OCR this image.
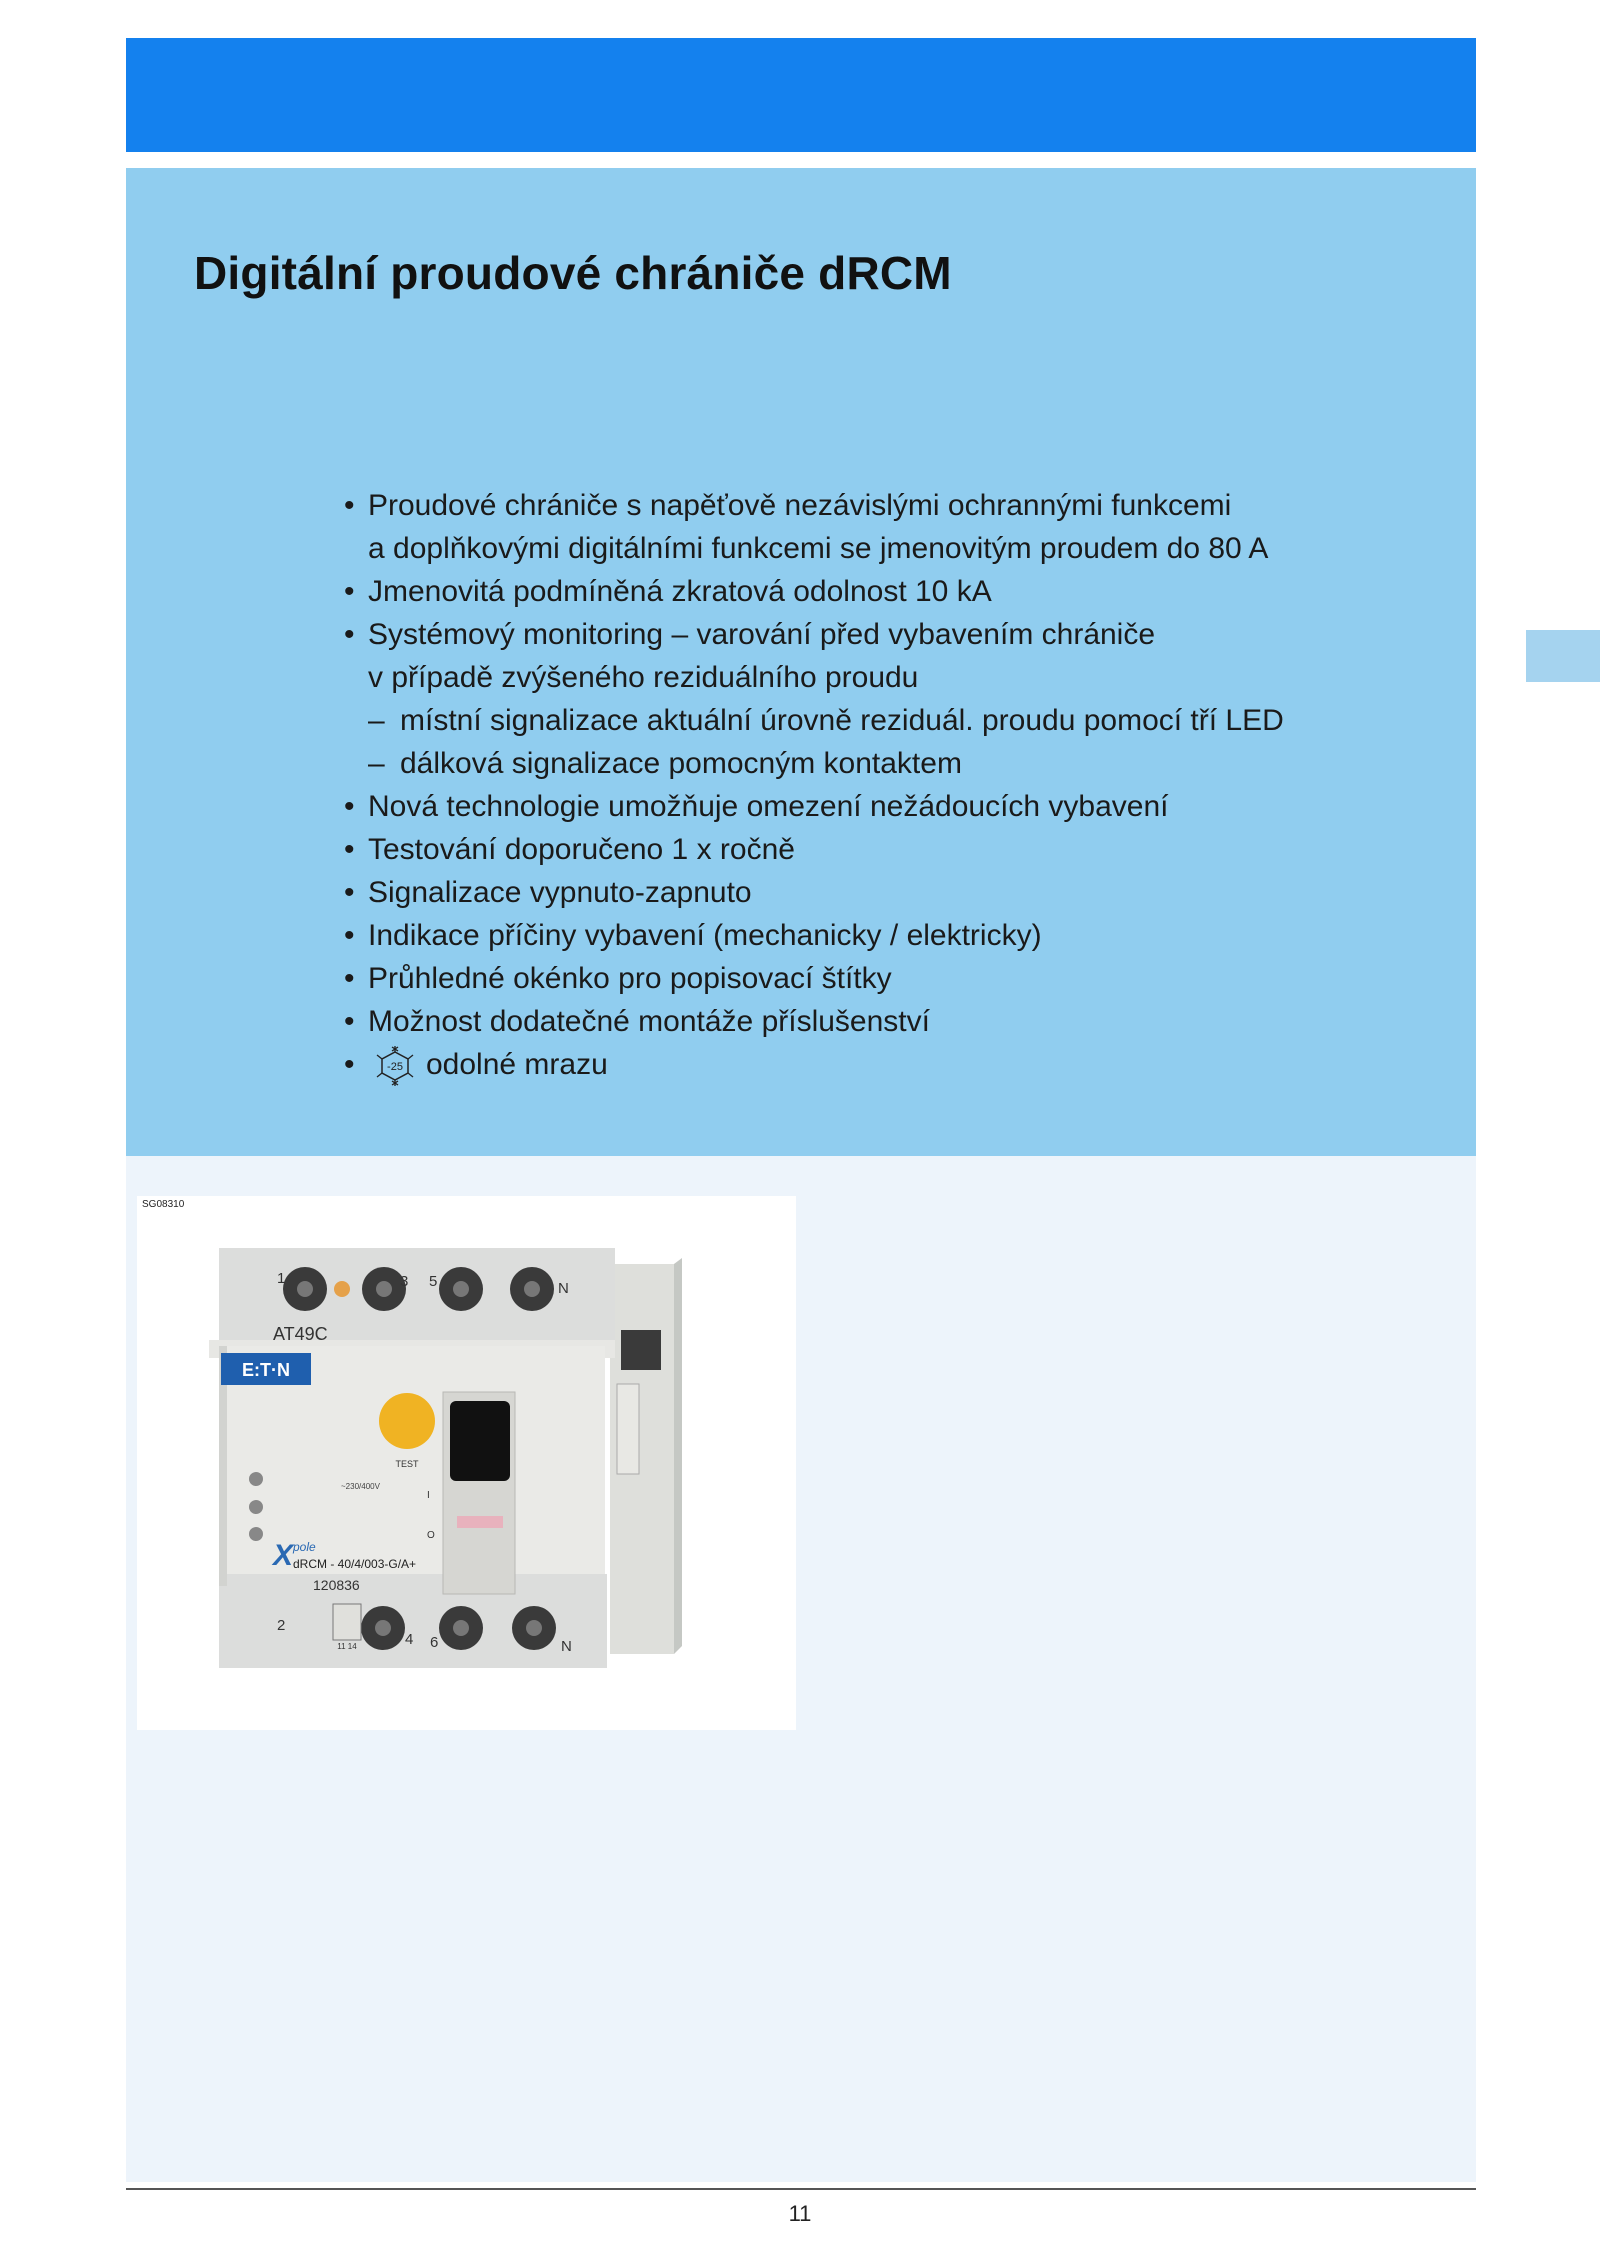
Digitální proudové chrániče dRCM
• Proudové chrániče s napěťově nezávislými ochrannými funkcemi
a doplňkovými digitálními funkcemi se jmenovitým proudem do 80 A
• Jmenovitá podmíněná zkratová odolnost 10 kA
• Systémový monitoring – varování před vybavením chrániče
v případě zvýšeného reziduálního proudu
– místní signalizace aktuální úrovně reziduál. proudu pomocí tří LED
– dálková signalizace pomocným kontaktem
• Nová technologie umožňuje omezení nežádoucích vybavení
• Testování doporučeno 1 x ročně
• Signalizace vypnuto-zapnuto
• Indikace příčiny vybavení (mechanicky / elektricky)
• Průhledné okénko pro popisovací štítky
• Možnost dodatečné montáže příslušenství
•	-25 odolné mrazu
SG08310
1	3 5	N
AT49C
E:T·N
TEST
~230/400V
I
O
X pole
dRCM - 40/4/003-G/A+
120836
11 14
2
4 6	N
11
